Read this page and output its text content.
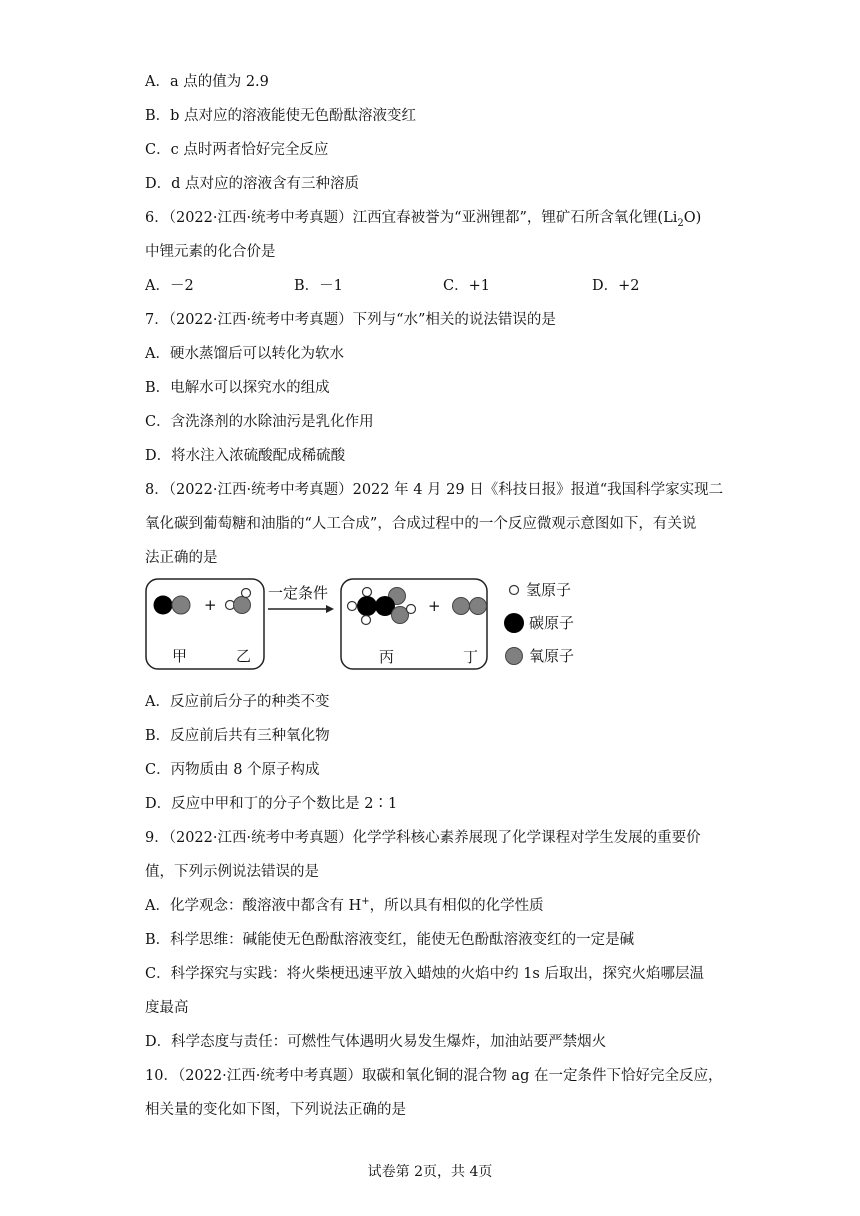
A．a 点的值为 2.9
B．b 点对应的溶液能使无色酚酞溶液变红
C．c 点时两者恰好完全反应
D．d 点对应的溶液含有三种溶质
6．（2022·江西·统考中考真题）江西宜春被誉为“亚洲锂都”，锂矿石所含氧化锂$(Li_2O)$
中锂元素的化合价是
A．－2	B．－1	C．+1	D．+2
7．（2022·江西·统考中考真题）下列与“水”相关的说法错误的是
A．硬水蒸馏后可以转化为软水
B．电解水可以探究水的组成
C．含洗涤剂的水除油污是乳化作用
D．将水注入浓硫酸配成稀硫酸
8．（2022·江西·统考中考真题）2022 年 4 月 29 日《科技日报》报道“我国科学家实现二
氧化碳到葡萄糖和油脂的“人工合成”，合成过程中的一个反应微观示意图如下，有关说
法正确的是
+
甲	乙
一定条件
+
丙	丁
氢原子
碳原子
氧原子
A．反应前后分子的种类不变
B．反应前后共有三种氧化物
C．丙物质由 8 个原子构成
D．反应中甲和丁的分子个数比是 2∶1
9．（2022·江西·统考中考真题）化学学科核心素养展现了化学课程对学生发展的重要价
值，下列示例说法错误的是
A．化学观念：酸溶液中都含有 H+，所以具有相似的化学性质
B．科学思维：碱能使无色酚酞溶液变红，能使无色酚酞溶液变红的一定是碱
C．科学探究与实践：将火柴梗迅速平放入蜡烛的火焰中约 1s 后取出，探究火焰哪层温
度最高
D．科学态度与责任：可燃性气体遇明火易发生爆炸，加油站要严禁烟火
10．（2022·江西·统考中考真题）取碳和氧化铜的混合物 ag 在一定条件下恰好完全反应，
相关量的变化如下图，下列说法正确的是
试卷第 2页，共 4页
